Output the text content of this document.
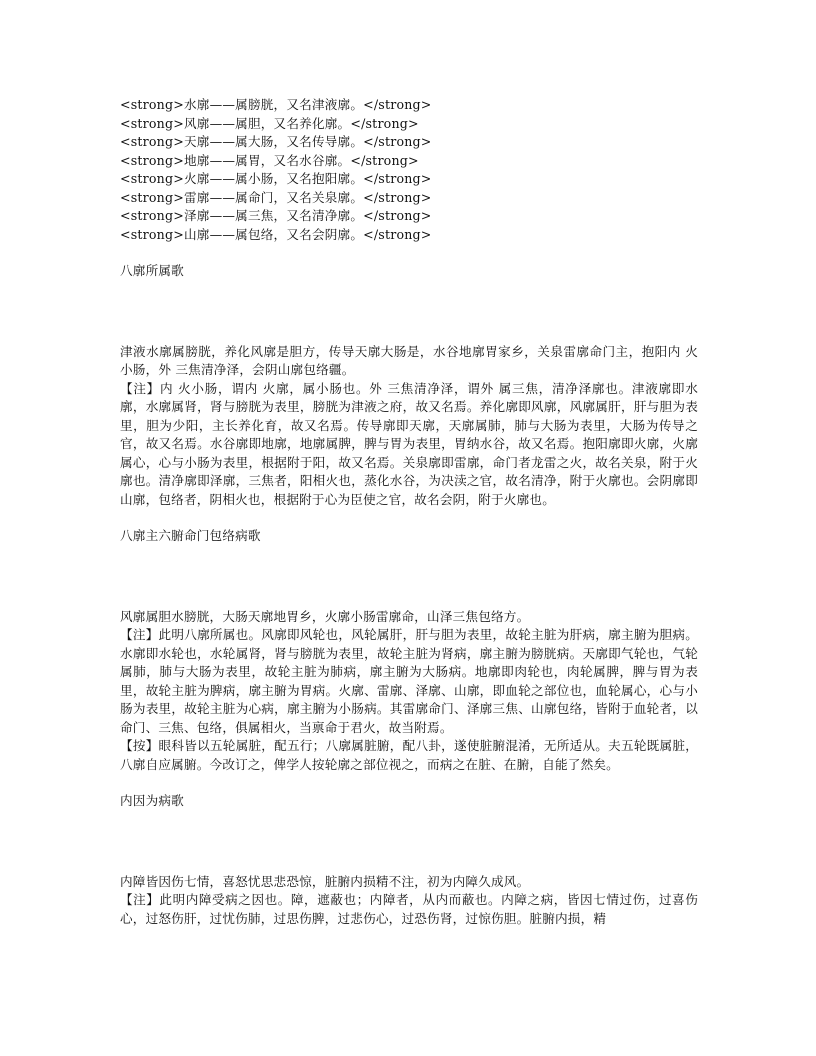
<strong>水廓——属膀胱，又名津液廓。</strong>
<strong>风廓——属胆，又名养化廓。</strong>
<strong>天廓——属大肠，又名传导廓。</strong>
<strong>地廓——属胃，又名水谷廓。</strong>
<strong>火廓——属小肠，又名抱阳廓。</strong>
<strong>雷廓——属命门，又名关泉廓。</strong>
<strong>泽廓——属三焦，又名清净廓。</strong>
<strong>山廓——属包络，又名会阴廓。</strong>
八廓所属歌

津液水廓属膀胱，养化风廓是胆方，传导天廓大肠是，水谷地廓胃家乡，关泉雷廓命门主，抱阳内 火小肠，外 三焦清净泽，会阴山廓包络疆。

【注】内 火小肠，谓内 火廓，属小肠也。外 三焦清净泽，谓外 属三焦，清净泽廓也。津液廓即水廓，水廓属肾，肾与膀胱为表里，膀胱为津液之府，故又名焉。养化廓即风廓，风廓属肝，肝与胆为表里，胆为少阳，主长养化育，故又名焉。传导廓即天廓，天廓属肺，肺与大肠为表里，大肠为传导之官，故又名焉。水谷廓即地廓，地廓属脾，脾与胃为表里，胃纳水谷，故又名焉。抱阳廓即火廓，火廓属心，心与小肠为表里，根据附于阳，故又名焉。关泉廓即雷廓，命门者龙雷之火，故名关泉，附于火廓也。清净廓即泽廓，三焦者，阳相火也，蒸化水谷，为决渎之官，故名清净，附于火廓也。会阴廓即山廓，包络者，阴相火也，根据附于心为臣使之官，故名会阴，附于火廓也。

八廓主六腑命门包络病歌

风廓属胆水膀胱，大肠天廓地胃乡，火廓小肠雷廓命，山泽三焦包络方。

【注】此明八廓所属也。风廓即风轮也，风轮属肝，肝与胆为表里，故轮主脏为肝病，廓主腑为胆病。水廓即水轮也，水轮属肾，肾与膀胱为表里，故轮主脏为肾病，廓主腑为膀胱病。天廓即气轮也，气轮属肺，肺与大肠为表里，故轮主脏为肺病，廓主腑为大肠病。地廓即肉轮也，肉轮属脾，脾与胃为表里，故轮主脏为脾病，廓主腑为胃病。火廓、雷廓、泽廓、山廓，即血轮之部位也，血轮属心，心与小肠为表里，故轮主脏为心病，廓主腑为小肠病。其雷廓命门、泽廓三焦、山廓包络，皆附于血轮者，以命门、三焦、包络，俱属相火，当禀命于君火，故当附焉。

【按】眼科皆以五轮属脏，配五行；八廓属脏腑，配八卦，遂使脏腑混淆，无所适从。夫五轮既属脏，八廓自应属腑。今改订之，俾学人按轮廓之部位视之，而病之在脏、在腑，自能了然矣。

内因为病歌

内障皆因伤七情，喜怒忧思悲恐惊，脏腑内损精不注，初为内障久成风。

【注】此明内障受病之因也。障，遮蔽也；内障者，从内而蔽也。内障之病，皆因七情过伤，过喜伤心，过怒伤肝，过忧伤肺，过思伤脾，过悲伤心，过恐伤肾，过惊伤胆。脏腑内损，精
